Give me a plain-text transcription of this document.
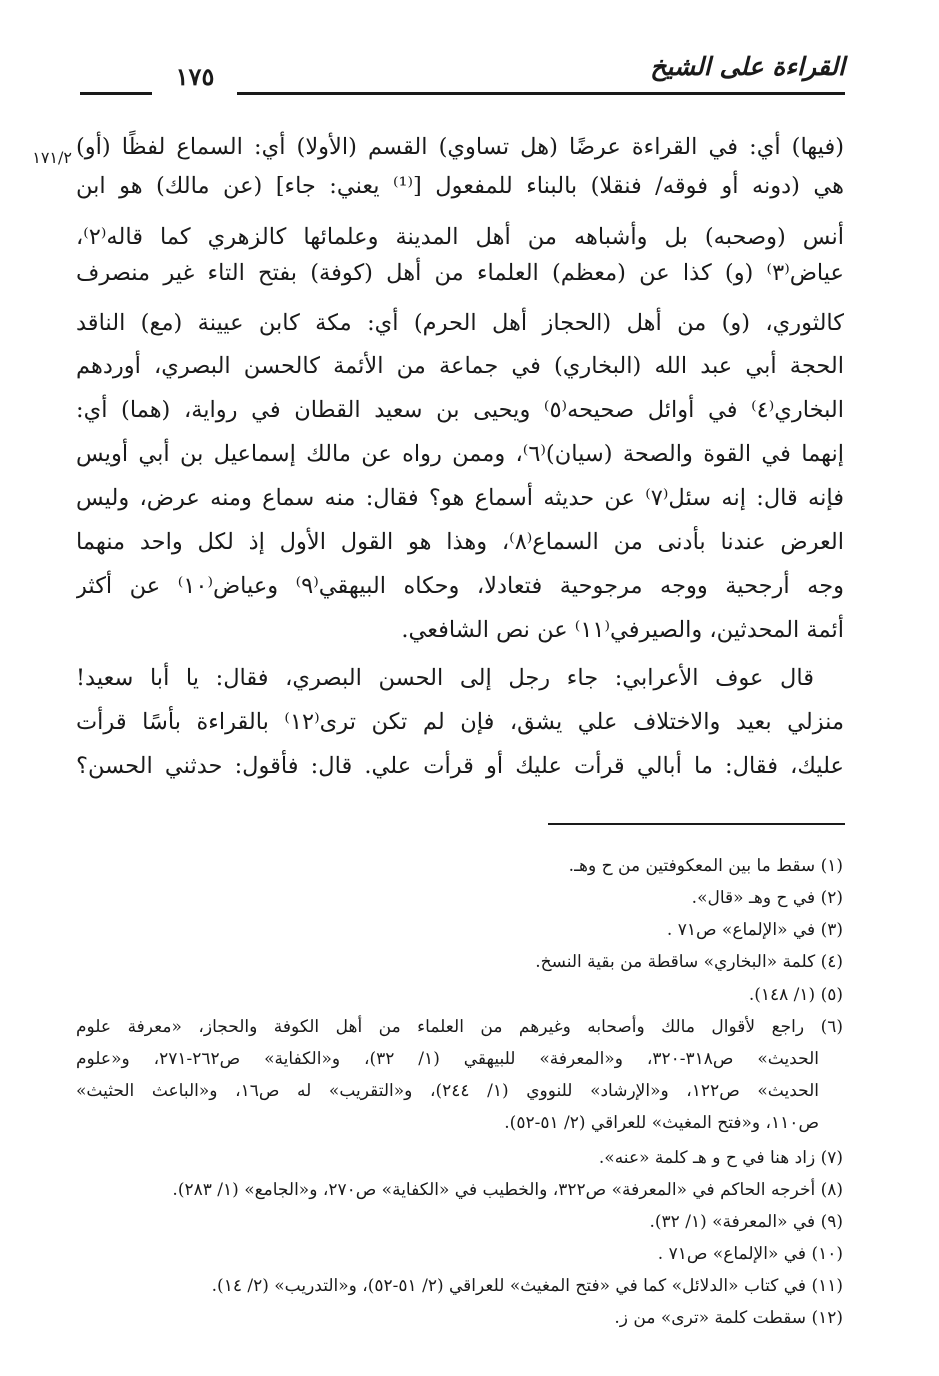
القراءة على الشيخ
١٧٥
١٧١/٢ (فيها) أي: في القراءة عرضًا (هل تساوي) القسم (الأولا) أي: السماع لفظًا (أو)
هي (دونه أو فوقه/ فنقلا) بالبناء للمفعول [⁽¹⁾ يعني: جاء] (عن مالك) هو ابن
أنس (وصحبه) بل وأشباهه من أهل المدينة وعلمائها كالزهري كما قاله⁽٢⁾،
عياض⁽٣⁾ (و) كذا عن (معظم) العلماء من أهل (كوفة) بفتح التاء غير منصرف
كالثوري، (و) من أهل (الحجاز أهل الحرم) أي: مكة كابن عيينة (مع) الناقد
الحجة أبي عبد الله (البخاري) في جماعة من الأئمة كالحسن البصري، أوردهم
البخاري⁽٤⁾ في أوائل صحيحه⁽٥⁾ ويحيى بن سعيد القطان في رواية، (هما) أي:
إنهما في القوة والصحة (سيان)⁽٦⁾، وممن رواه عن مالك إسماعيل بن أبي أويس
فإنه قال: إنه سئل⁽٧⁾ عن حديثه أسماع هو؟ فقال: منه سماع ومنه عرض، وليس
العرض عندنا بأدنى من السماع⁽٨⁾، وهذا هو القول الأول إذ لكل واحد منهما
وجه أرجحية ووجه مرجوحية فتعادلا، وحكاه البيهقي⁽٩⁾ وعياض⁽١٠⁾ عن أكثر
أئمة المحدثين، والصيرفي⁽١١⁾ عن نص الشافعي.
قال عوف الأعرابي: جاء رجل إلى الحسن البصري، فقال: يا أبا سعيد!
منزلي بعيد والاختلاف علي يشق، فإن لم تكن ترى⁽١٢⁾ بالقراءة بأسًا قرأت
عليك، فقال: ما أبالي قرأت عليك أو قرأت علي. قال: فأقول: حدثني الحسن؟
(١) سقط ما بين المعكوفتين من ح وهـ.
(٢) في ح وهـ «قال».
(٣) في «الإلماع» ص٧١ .
(٤) كلمة «البخاري» ساقطة من بقية النسخ.
(٥) (١/ ١٤٨).
(٦) راجع لأقوال مالك وأصحابه وغيرهم من العلماء من أهل الكوفة والحجاز، «معرفة علوم
الحديث» ص٣١٨-٣٢٠، و«المعرفة» للبيهقي (١/ ٣٢)، و«الكفاية» ص٢٦٢-٢٧١، و«علوم
الحديث» ص١٢٢، و«الإرشاد» للنووي (١/ ٢٤٤)، و«التقريب» له ص١٦، و«الباعث الحثيث»
ص١١٠، و«فتح المغيث» للعراقي (٢/ ٥١-٥٢).
(٧) زاد هنا في ح و هـ كلمة «عنه».
(٨) أخرجه الحاكم في «المعرفة» ص٣٢٢، والخطيب في «الكفاية» ص٢٧٠، و«الجامع» (١/ ٢٨٣).
(٩) في «المعرفة» (١/ ٣٢).
(١٠) في «الإلماع» ص٧١ .
(١١) في كتاب «الدلائل» كما في «فتح المغيث» للعراقي (٢/ ٥١-٥٢)، و«التدريب» (٢/ ١٤).
(١٢) سقطت كلمة «ترى» من ز.
